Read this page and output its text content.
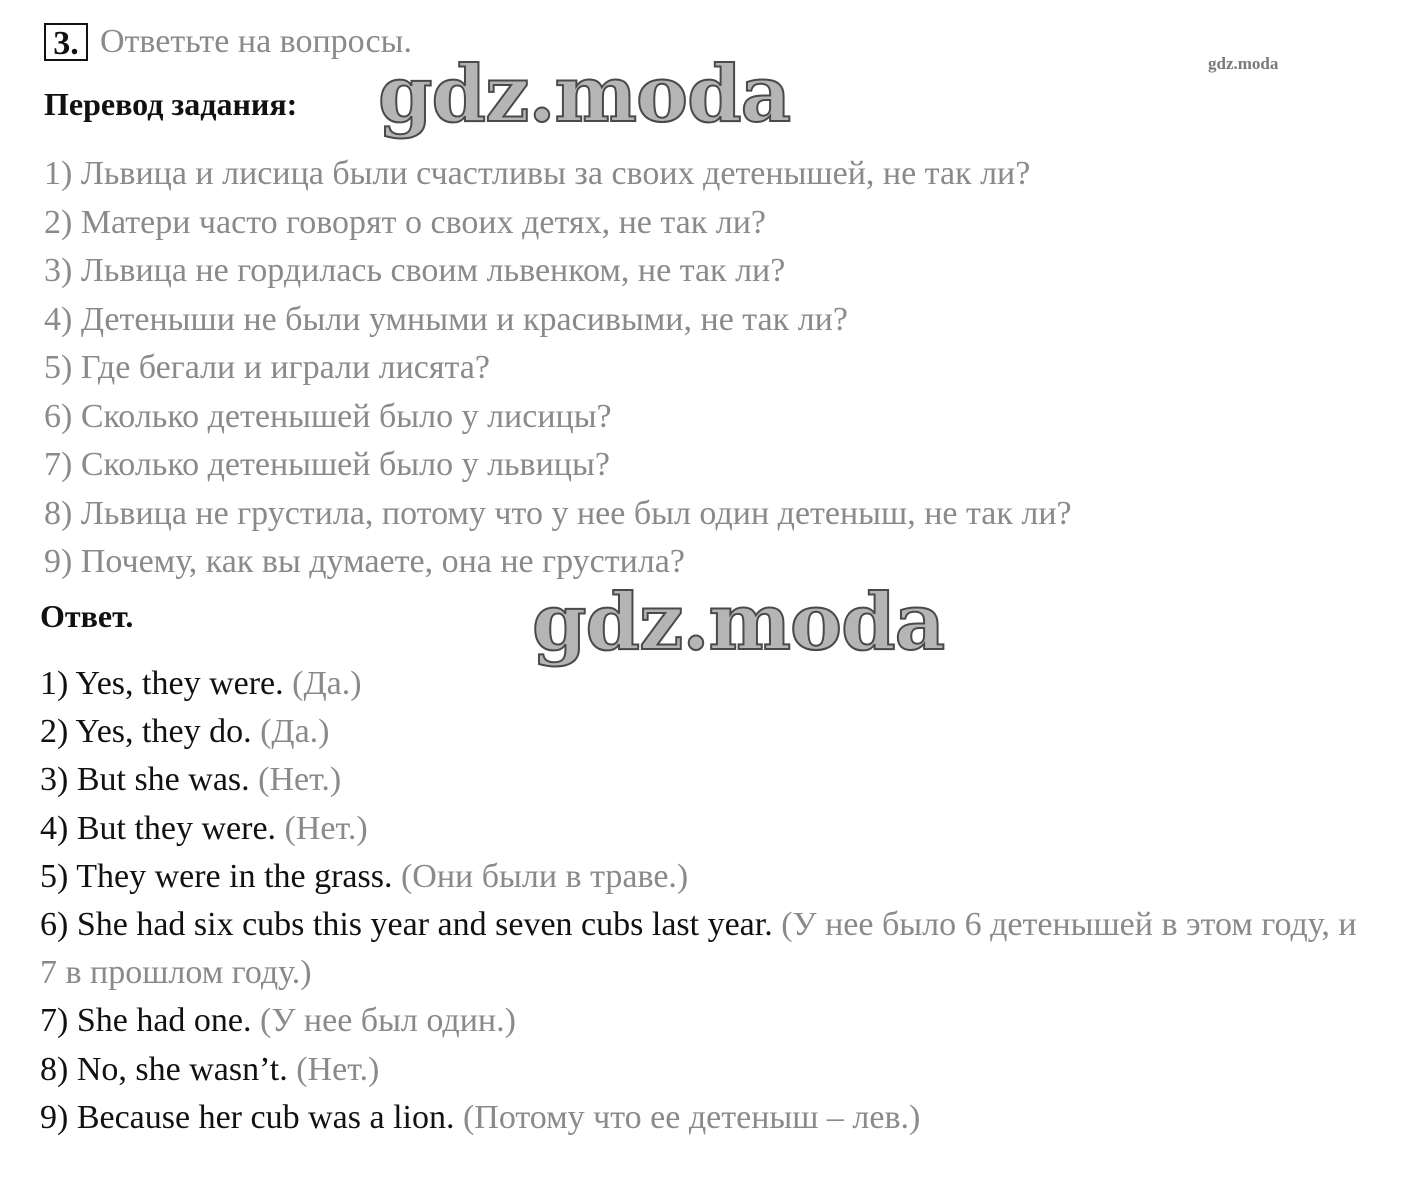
3. Ответьте на вопросы.
gdz.moda
Перевод задания: gdz.moda
1) Львица и лисица были счастливы за своих детенышей, не так ли?
2) Матери часто говорят о своих детях, не так ли?
3) Львица не гордилась своим львенком, не так ли?
4) Детеныши не были умными и красивыми, не так ли?
5) Где бегали и играли лисята?
6) Сколько детенышей было у лисицы?
7) Сколько детенышей было у львицы?
8) Львица не грустила, потому что у нее был один детеныш, не так ли?
9) Почему, как вы думаете, она не грустила?
Ответ.	gdz.moda
1) Yes, they were. (Да.)
2) Yes, they do. (Да.)
3) But she was. (Нет.)
4) But they were. (Нет.)
5) They were in the grass. (Они были в траве.)
6) She had six cubs this year and seven cubs last year. (У нее было 6 детенышей в этом году, и 7 в прошлом году.)
7) She had one. (У нее был один.)
8) No, she wasn’t. (Нет.)
9) Because her cub was a lion. (Потому что ее детеныш – лев.)
